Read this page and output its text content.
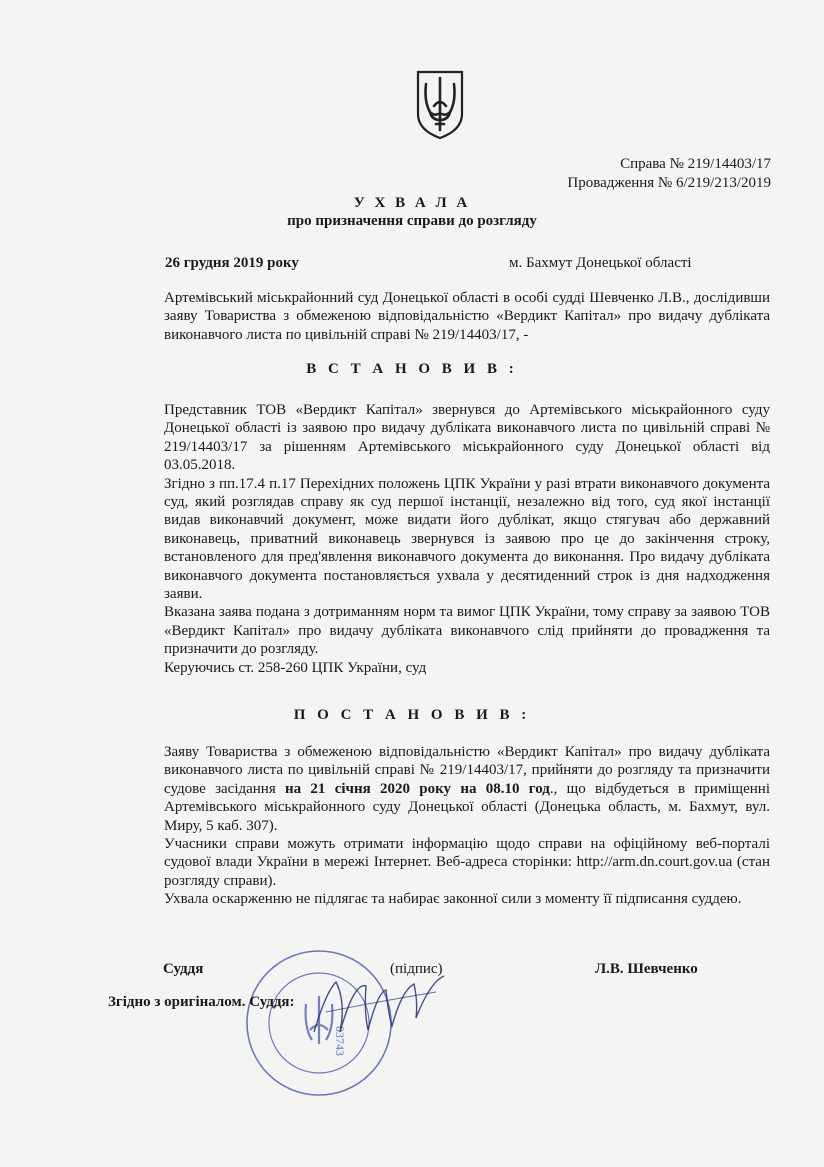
Справа № 219/14403/17
Провадження № 6/219/213/2019
У Х В А Л А
про призначення справи до розгляду
26 грудня 2019 року	м. Бахмут Донецької області
Артемівський міськрайонний суд Донецької області в особі судді Шевченко Л.В., дослідивши заяву Товариства з обмеженою відповідальністю «Вердикт Капітал» про видачу дубліката виконавчого листа по цивільній справі № 219/14403/17, -
В С Т А Н О В И В :
Представник ТОВ «Вердикт Капітал» звернувся до Артемівського міськрайонного суду Донецької області із заявою про видачу дубліката виконавчого листа по цивільній справі № 219/14403/17 за рішенням Артемівського міськрайонного суду Донецької області від 03.05.2018.
Згідно з пп.17.4 п.17 Перехідних положень ЦПК України у разі втрати виконавчого документа суд, який розглядав справу як суд першої інстанції, незалежно від того, суд якої інстанції видав виконавчий документ, може видати його дублікат, якщо стягувач або державний виконавець, приватний виконавець звернувся із заявою про це до закінчення строку, встановленого для пред'явлення виконавчого документа до виконання. Про видачу дубліката виконавчого документа постановляється ухвала у десятиденний строк із дня надходження заяви.
Вказана заява подана з дотриманням норм та вимог ЦПК України, тому справу за заявою ТОВ «Вердикт Капітал» про видачу дубліката виконавчого слід прийняти до провадження та призначити до розгляду.
Керуючись ст. 258-260 ЦПК України, суд
П О С Т А Н О В И В :
Заяву Товариства з обмеженою відповідальністю «Вердикт Капітал» про видачу дубліката виконавчого листа по цивільній справі № 219/14403/17, прийняти до розгляду та призначити судове засідання на 21 січня 2020 року на 08.10 год., що відбудеться в приміщенні Артемівського міськрайонного суду Донецької області (Донецька область, м. Бахмут, вул. Миру, 5 каб. 307).
Учасники справи можуть отримати інформацію щодо справи на офіційному веб-порталі судової влади України в мережі Інтернет. Веб-адреса сторінки: http://arm.dn.court.gov.ua (стан розгляду справи).
Ухвала оскарженню не підлягає та набирає законної сили з моменту її підписання суддею.
03743
Суддя	(підпис)	Л.В. Шевченко
Згідно з оригіналом. Суддя:
